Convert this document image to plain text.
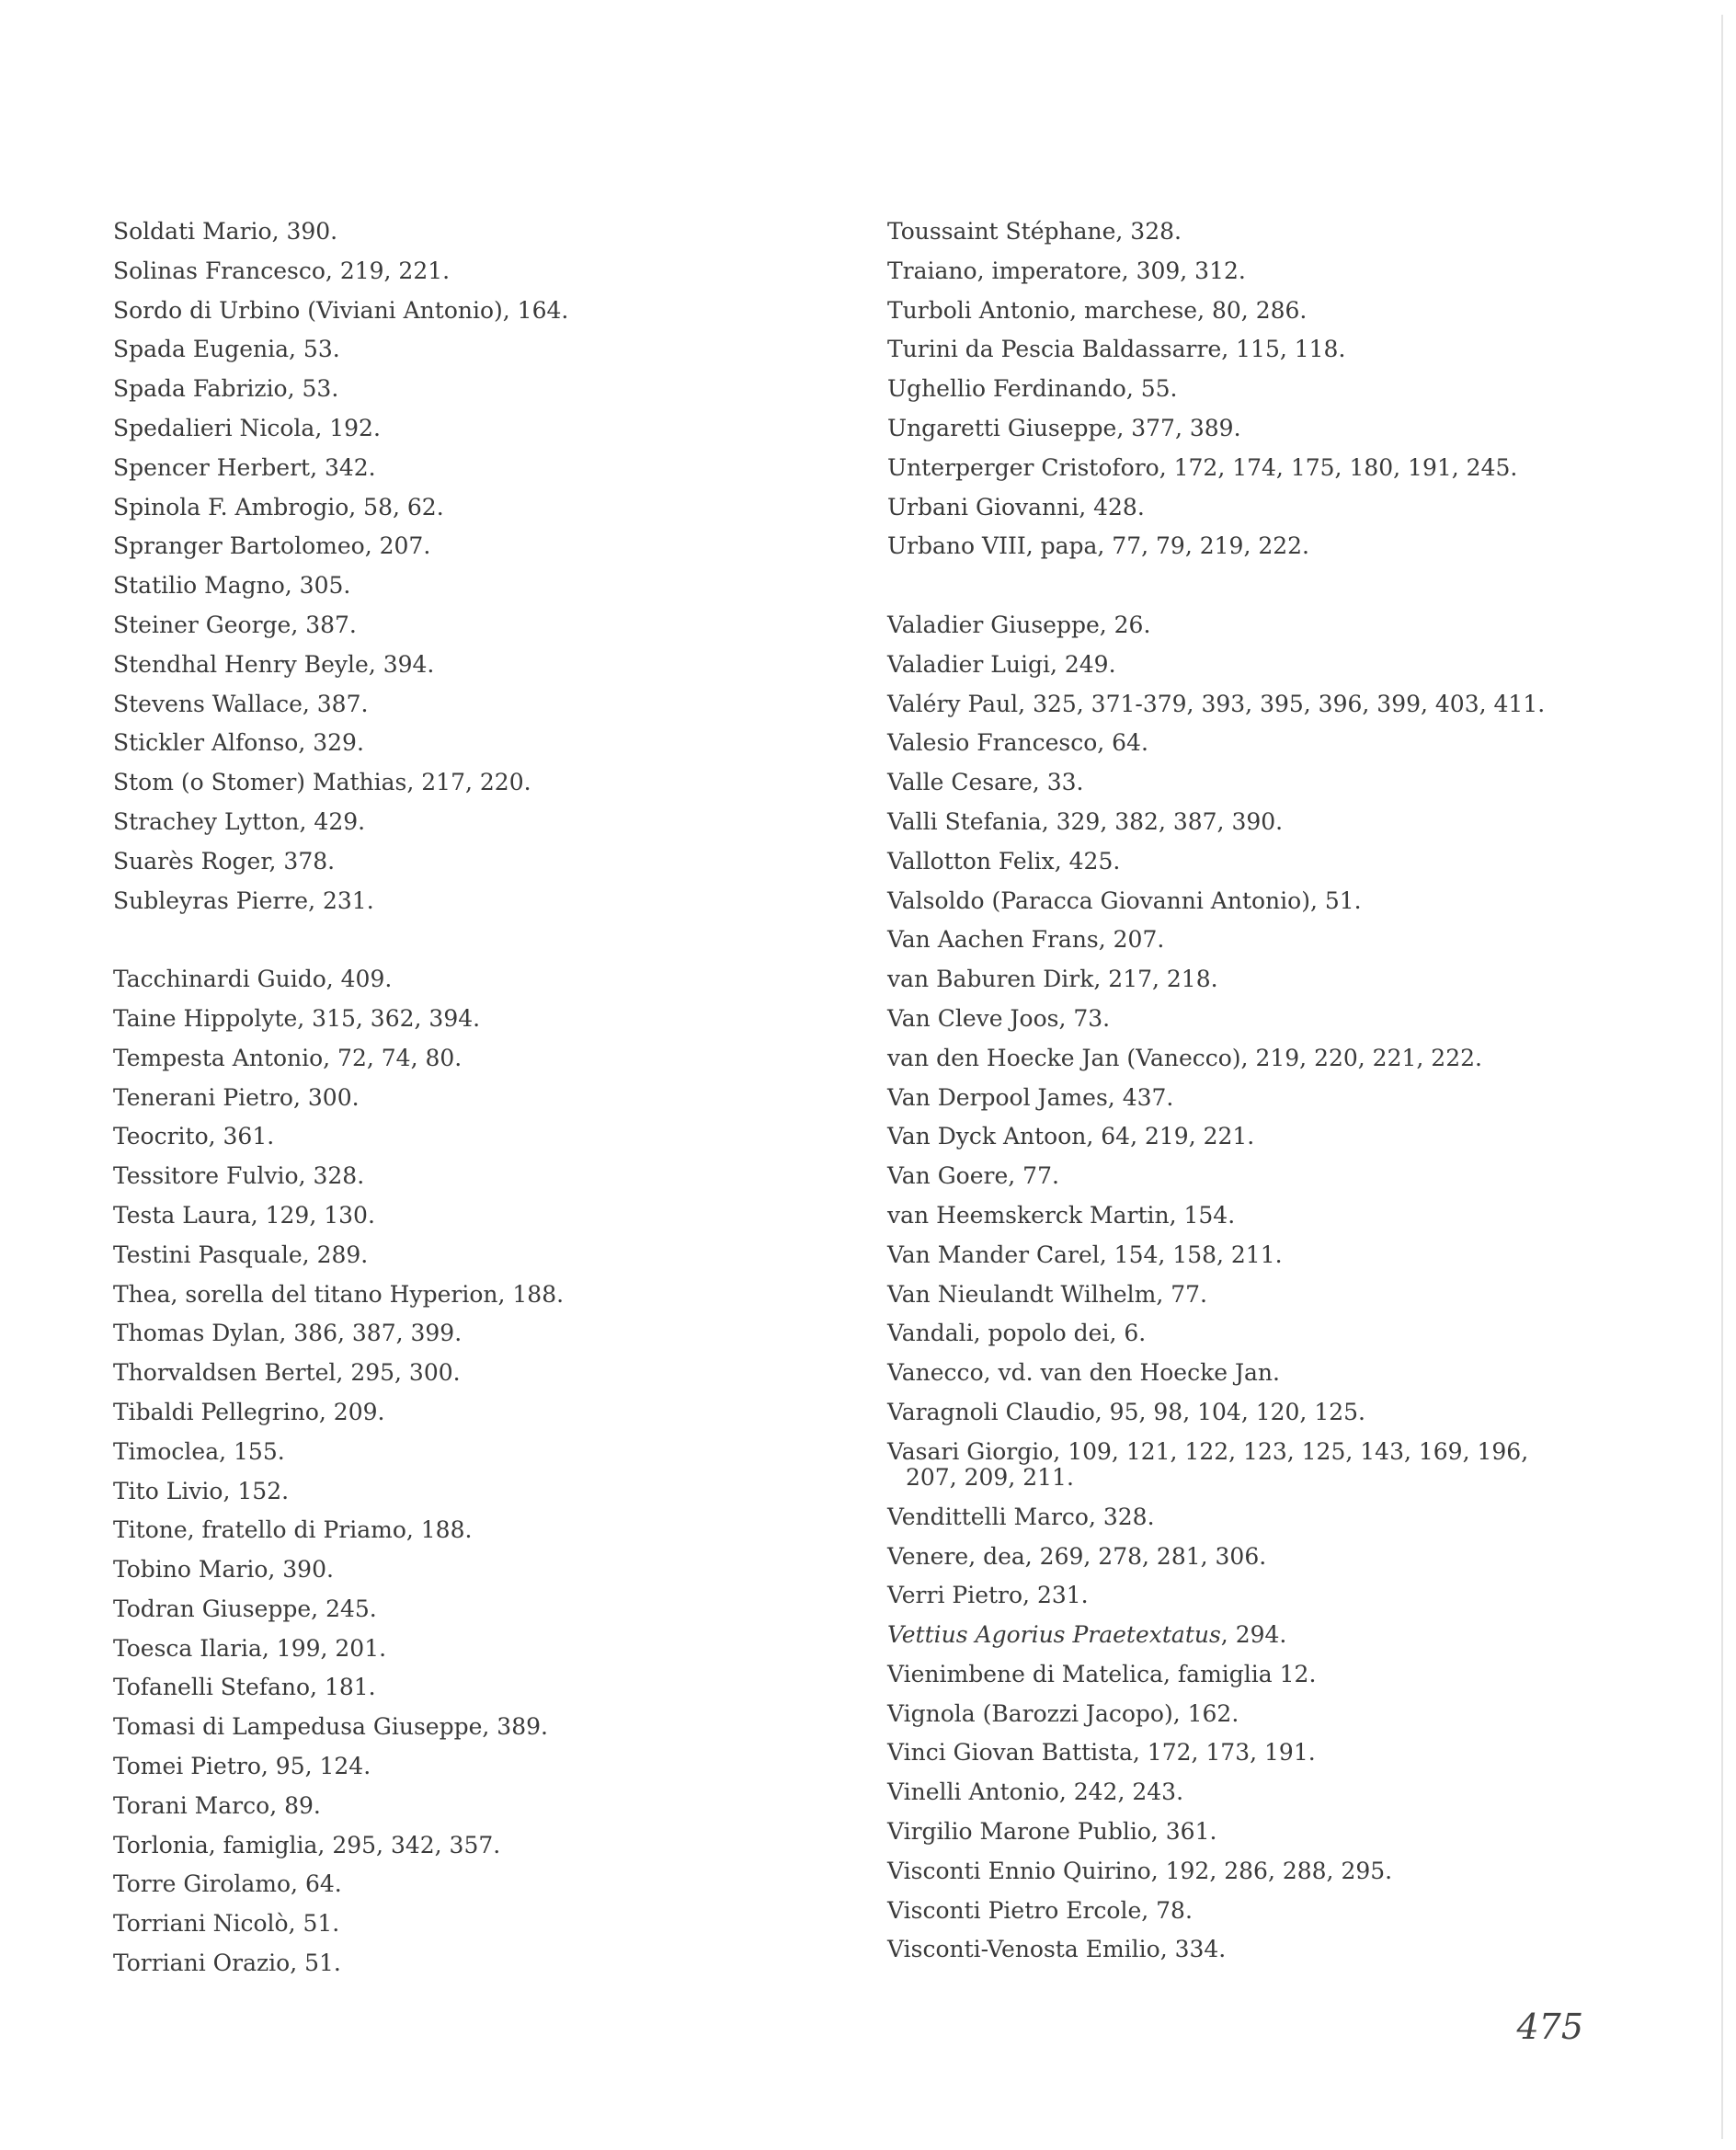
Soldati Mario, 390.
Solinas Francesco, 219, 221.
Sordo di Urbino (Viviani Antonio), 164.
Spada Eugenia, 53.
Spada Fabrizio, 53.
Spedalieri Nicola, 192.
Spencer Herbert, 342.
Spinola F. Ambrogio, 58, 62.
Spranger Bartolomeo, 207.
Statilio Magno, 305.
Steiner George, 387.
Stendhal Henry Beyle, 394.
Stevens Wallace, 387.
Stickler Alfonso, 329.
Stom (o Stomer) Mathias, 217, 220.
Strachey Lytton, 429.
Suarès Roger, 378.
Subleyras Pierre, 231.
Tacchinardi Guido, 409.
Taine Hippolyte, 315, 362, 394.
Tempesta Antonio, 72, 74, 80.
Tenerani Pietro, 300.
Teocrito, 361.
Tessitore Fulvio, 328.
Testa Laura, 129, 130.
Testini Pasquale, 289.
Thea, sorella del titano Hyperion, 188.
Thomas Dylan, 386, 387, 399.
Thorvaldsen Bertel, 295, 300.
Tibaldi Pellegrino, 209.
Timoclea, 155.
Tito Livio, 152.
Titone, fratello di Priamo, 188.
Tobino Mario, 390.
Todran Giuseppe, 245.
Toesca Ilaria, 199, 201.
Tofanelli Stefano, 181.
Tomasi di Lampedusa Giuseppe, 389.
Tomei Pietro, 95, 124.
Torani Marco, 89.
Torlonia, famiglia, 295, 342, 357.
Torre Girolamo, 64.
Torriani Nicolò, 51.
Torriani Orazio, 51.
Toussaint Stéphane, 328.
Traiano, imperatore, 309, 312.
Turboli Antonio, marchese, 80, 286.
Turini da Pescia Baldassarre, 115, 118.
Ughellio Ferdinando, 55.
Ungaretti Giuseppe, 377, 389.
Unterperger Cristoforo, 172, 174, 175, 180, 191, 245.
Urbani Giovanni, 428.
Urbano VIII, papa, 77, 79, 219, 222.
Valadier Giuseppe, 26.
Valadier Luigi, 249.
Valéry Paul, 325, 371-379, 393, 395, 396, 399, 403, 411.
Valesio Francesco, 64.
Valle Cesare, 33.
Valli Stefania, 329, 382, 387, 390.
Vallotton Felix, 425.
Valsoldo (Paracca Giovanni Antonio), 51.
Van Aachen Frans, 207.
van Baburen Dirk, 217, 218.
Van Cleve Joos, 73.
van den Hoecke Jan (Vanecco), 219, 220, 221, 222.
Van Derpool James, 437.
Van Dyck Antoon, 64, 219, 221.
Van Goere, 77.
van Heemskerck Martin, 154.
Van Mander Carel, 154, 158, 211.
Van Nieulandt Wilhelm, 77.
Vandali, popolo dei, 6.
Vanecco, vd. van den Hoecke Jan.
Varagnoli Claudio, 95, 98, 104, 120, 125.
Vasari Giorgio, 109, 121, 122, 123, 125, 143, 169, 196, 207, 209, 211.
Vendittelli Marco, 328.
Venere, dea, 269, 278, 281, 306.
Verri Pietro, 231.
Vettius Agorius Praetextatus, 294.
Vienimbene di Matelica, famiglia 12.
Vignola (Barozzi Jacopo), 162.
Vinci Giovan Battista, 172, 173, 191.
Vinelli Antonio, 242, 243.
Virgilio Marone Publio, 361.
Visconti Ennio Quirino, 192, 286, 288, 295.
Visconti Pietro Ercole, 78.
Visconti-Venosta Emilio, 334.
475
